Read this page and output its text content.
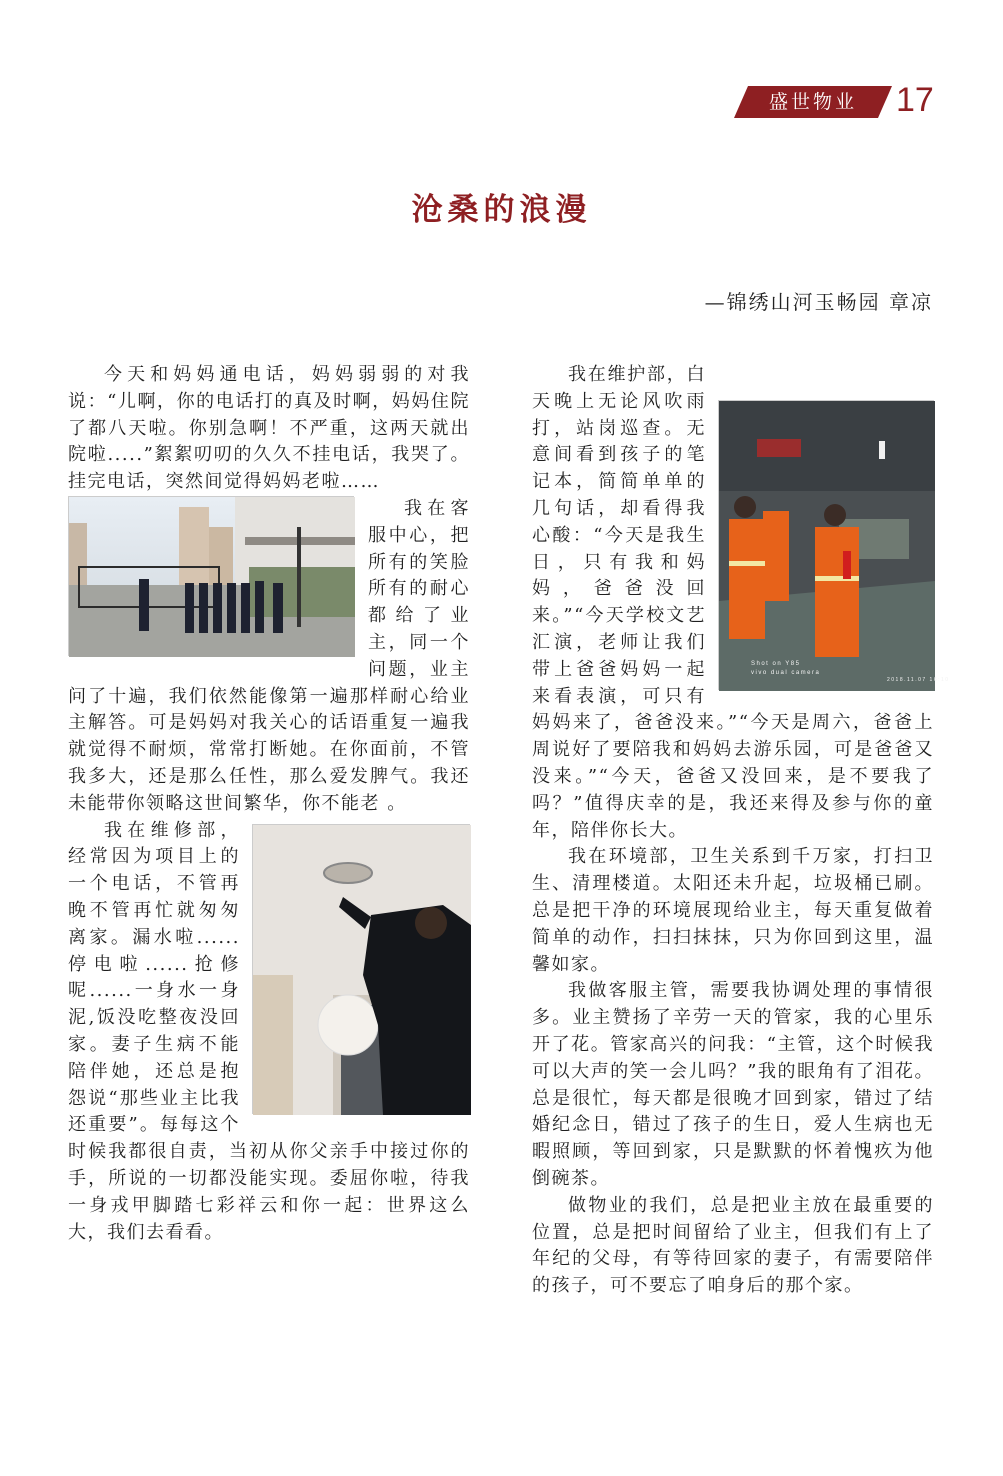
盛世物业	17
沧桑的浪漫
—锦绣山河玉畅园 章凉

今天和妈妈通电话，妈妈弱弱的对我说：“儿啊，你的电话打的真及时啊，妈妈住院了都八天啦。你别急啊！不严重，这两天就出院啦.....”絮絮叨叨的久久不挂电话，我哭了。挂完电话，突然间觉得妈妈老啦……

我在客服中心，把所有的笑脸所有的耐心都给了业主，同一个问题，业主问了十遍，我们依然能像第一遍那样耐心给业主解答。可是妈妈对我关心的话语重复一遍我就觉得不耐烦，常常打断她。在你面前，不管我多大，还是那么任性，那么爱发脾气。我还未能带你领略这世间繁华，你不能老 。

我在维修部，经常因为项目上的一个电话，不管再晚不管再忙就匆匆离家。漏水啦......停电啦......抢修呢......一身水一身泥,饭没吃整夜没回家。妻子生病不能陪伴她，还总是抱怨说“那些业主比我还重要”。每每这个时候我都很自责，当初从你父亲手中接过你的手，所说的一切都没能实现。委屈你啦，待我一身戎甲脚踏七彩祥云和你一起：世界这么大，我们去看看。
Shot on Y85
vivo dual camera
2018.11.07 16:10
我在维护部，白天晚上无论风吹雨打，站岗巡查。无意间看到孩子的笔记本，简简单单的几句话，却看得我心酸：“今天是我生日，只有我和妈妈，爸爸没回来。”“今天学校文艺汇演，老师让我们带上爸爸妈妈一起来看表演，可只有妈妈来了，爸爸没来。”“今天是周六，爸爸上周说好了要陪我和妈妈去游乐园，可是爸爸又没来。”“今天，爸爸又没回来，是不要我了吗？”值得庆幸的是，我还来得及参与你的童年，陪伴你长大。

我在环境部，卫生关系到千万家，打扫卫生、清理楼道。太阳还未升起，垃圾桶已刷。总是把干净的环境展现给业主，每天重复做着简单的动作，扫扫抹抹，只为你回到这里，温馨如家。

我做客服主管，需要我协调处理的事情很多。业主赞扬了辛劳一天的管家，我的心里乐开了花。管家高兴的问我：“主管，这个时候我可以大声的笑一会儿吗？”我的眼角有了泪花。总是很忙，每天都是很晚才回到家，错过了结婚纪念日，错过了孩子的生日，爱人生病也无暇照顾，等回到家，只是默默的怀着愧疚为他倒碗茶。

做物业的我们，总是把业主放在最重要的位置，总是把时间留给了业主，但我们有上了年纪的父母，有等待回家的妻子，有需要陪伴的孩子，可不要忘了咱身后的那个家。
